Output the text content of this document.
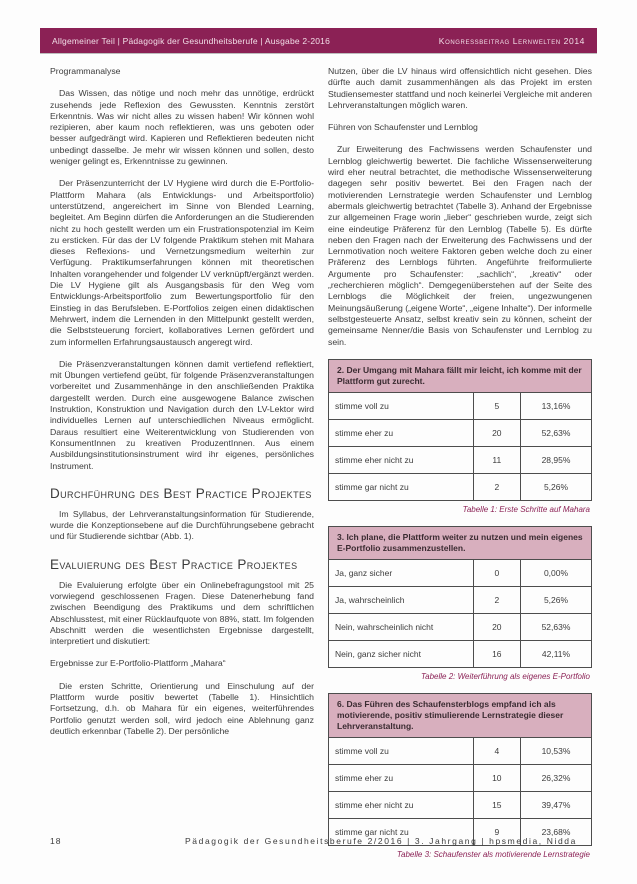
Allgemeiner Teil | Pädagogik der Gesundheitsberufe | Ausgabe 2-2016	Kongressbeitrag Lernwelten 2014

Programmanalyse

Das Wissen, das nötige und noch mehr das unnötige, erdrückt zusehends jede Reflexion des Gewussten. Kenntnis zerstört Erkenntnis. Was wir nicht alles zu wissen haben! Wir können wohl rezipieren, aber kaum noch reflektieren, was uns geboten oder besser aufgedrängt wird. Kapieren und Reflektieren bedeuten nicht unbedingt dasselbe. Je mehr wir wissen können und sollen, desto weniger gelingt es, Erkenntnisse zu gewinnen.

Der Präsenzunterricht der LV Hygiene wird durch die E-Portfolio-Plattform Mahara (als Entwicklungs- und Arbeitsportfolio) unterstützend, angereichert im Sinne von Blended Learning, begleitet. Am Beginn dürfen die Anforderungen an die Studierenden nicht zu hoch gestellt werden um ein Frustrationspotenzial im Keim zu ersticken. Für das der LV folgende Praktikum stehen mit Mahara dieses Reflexions- und Vernetzungsmedium weiterhin zur Verfügung. Praktikumserfahrungen können mit theoretischen Inhalten vorangehender und folgender LV verknüpft/ergänzt werden. Die LV Hygiene gilt als Ausgangsbasis für den Weg vom Entwicklungs-Arbeitsportfolio zum Bewertungsportfolio für den Einstieg in das Berufsleben. E-Portfolios zeigen einen didaktischen Mehrwert, indem die Lernenden in den Mittelpunkt gestellt werden, die Selbststeuerung forciert, kollaboratives Lernen gefördert und zum informellen Erfahrungsaustausch angeregt wird.

Die Präsenzveranstaltungen können damit vertiefend reflektiert, mit Übungen vertiefend geübt, für folgende Präsenzveranstaltungen vorbereitet und Zusammenhänge in den anschließenden Praktika dargestellt werden. Durch eine ausgewogene Balance zwischen Instruktion, Konstruktion und Navigation durch den LV-Lektor wird individuelles Lernen auf unterschiedlichen Niveaus ermöglicht. Daraus resultiert eine Weiterentwicklung von Studierenden von KonsumentInnen zu kreativen ProduzentInnen. Aus einem Ausbildungsinstitutionsinstrument wird ihr eigenes, persönliches Instrument.

Durchführung des Best Practice Projektes

Im Syllabus, der Lehrveranstaltungsinformation für Studierende, wurde die Konzeptionsebene auf die Durchführungsebene gebracht und für Studierende sichtbar (Abb. 1).

Evaluierung des Best Practice Projektes

Die Evaluierung erfolgte über ein Onlinebefragungstool mit 25 vorwiegend geschlossenen Fragen. Diese Datenerhebung fand zwischen Beendigung des Praktikums und dem schriftlichen Abschlusstest, mit einer Rücklaufquote von 88%, statt. Im folgenden Abschnitt werden die wesentlichsten Ergebnisse dargestellt, interpretiert und diskutiert:

Ergebnisse zur E-Portfolio-Plattform „Mahara“

Die ersten Schritte, Orientierung und Einschulung auf der Plattform wurde positiv bewertet (Tabelle 1). Hinsichtlich Fortsetzung, d.h. ob Mahara für ein eigenes, weiterführendes Portfolio genutzt werden soll, wird jedoch eine Ablehnung ganz deutlich erkennbar (Tabelle 2). Der persönliche

Nutzen, über die LV hinaus wird offensichtlich nicht gesehen. Dies dürfte auch damit zusammenhängen als das Projekt im ersten Studiensemester stattfand und noch keinerlei Vergleiche mit anderen Lehrveranstaltungen möglich waren.

Führen von Schaufenster und Lernblog

Zur Erweiterung des Fachwissens werden Schaufenster und Lernblog gleichwertig bewertet. Die fachliche Wissenserweiterung wird eher neutral betrachtet, die methodische Wissenserweiterung dagegen sehr positiv bewertet. Bei den Fragen nach der motivierenden Lernstrategie werden Schaufenster und Lernblog abermals gleichwertig betrachtet (Tabelle 3). Anhand der Ergebnisse zur allgemeinen Frage worin „lieber“ geschrieben wurde, zeigt sich eine eindeutige Präferenz für den Lernblog (Tabelle 5). Es dürfte neben den Fragen nach der Erweiterung des Fachwissens und der Lernmotivation noch weitere Faktoren geben welche doch zu einer Präferenz des Lernblogs führten. Angeführte freiformulierte Argumente pro Schaufenster: „sachlich“, „kreativ“ oder „recherchieren möglich“. Demgegenüberstehen auf der Seite des Lernblogs die Möglichkeit der freien, ungezwungenen Meinungsäußerung („eigene Worte“, „eigene Inhalte“). Der informelle selbstgesteuerte Ansatz, selbst kreativ sein zu können, scheint der gemeinsame Nenner/die Basis von Schaufenster und Lernblog zu sein.

2. Der Umgang mit Mahara fällt mir leicht, ich komme mit der Plattform gut zurecht.		
stimme voll zu	5	13,16%
stimme eher zu	20	52,63%
stimme eher nicht zu	11	28,95%
stimme gar nicht zu	2	5,26%
Tabelle 1: Erste Schritte auf Mahara
3. Ich plane, die Plattform weiter zu nutzen und mein eigenes E-Portfolio zusammenzustellen.		
Ja, ganz sicher	0	0,00%
Ja, wahrscheinlich	2	5,26%
Nein, wahrscheinlich nicht	20	52,63%
Nein, ganz sicher nicht	16	42,11%
Tabelle 2: Weiterführung als eigenes E-Portfolio
6. Das Führen des Schaufensterblogs empfand ich als motivierende, positiv stimulierende Lernstrategie dieser Lehrveranstaltung.		
stimme voll zu	4	10,53%
stimme eher zu	10	26,32%
stimme eher nicht zu	15	39,47%
stimme gar nicht zu	9	23,68%
Tabelle 3: Schaufenster als motivierende Lernstrategie
18	Pädagogik der Gesundheitsberufe 2/2016 | 3. Jahrgang | hpsmedia, Nidda
